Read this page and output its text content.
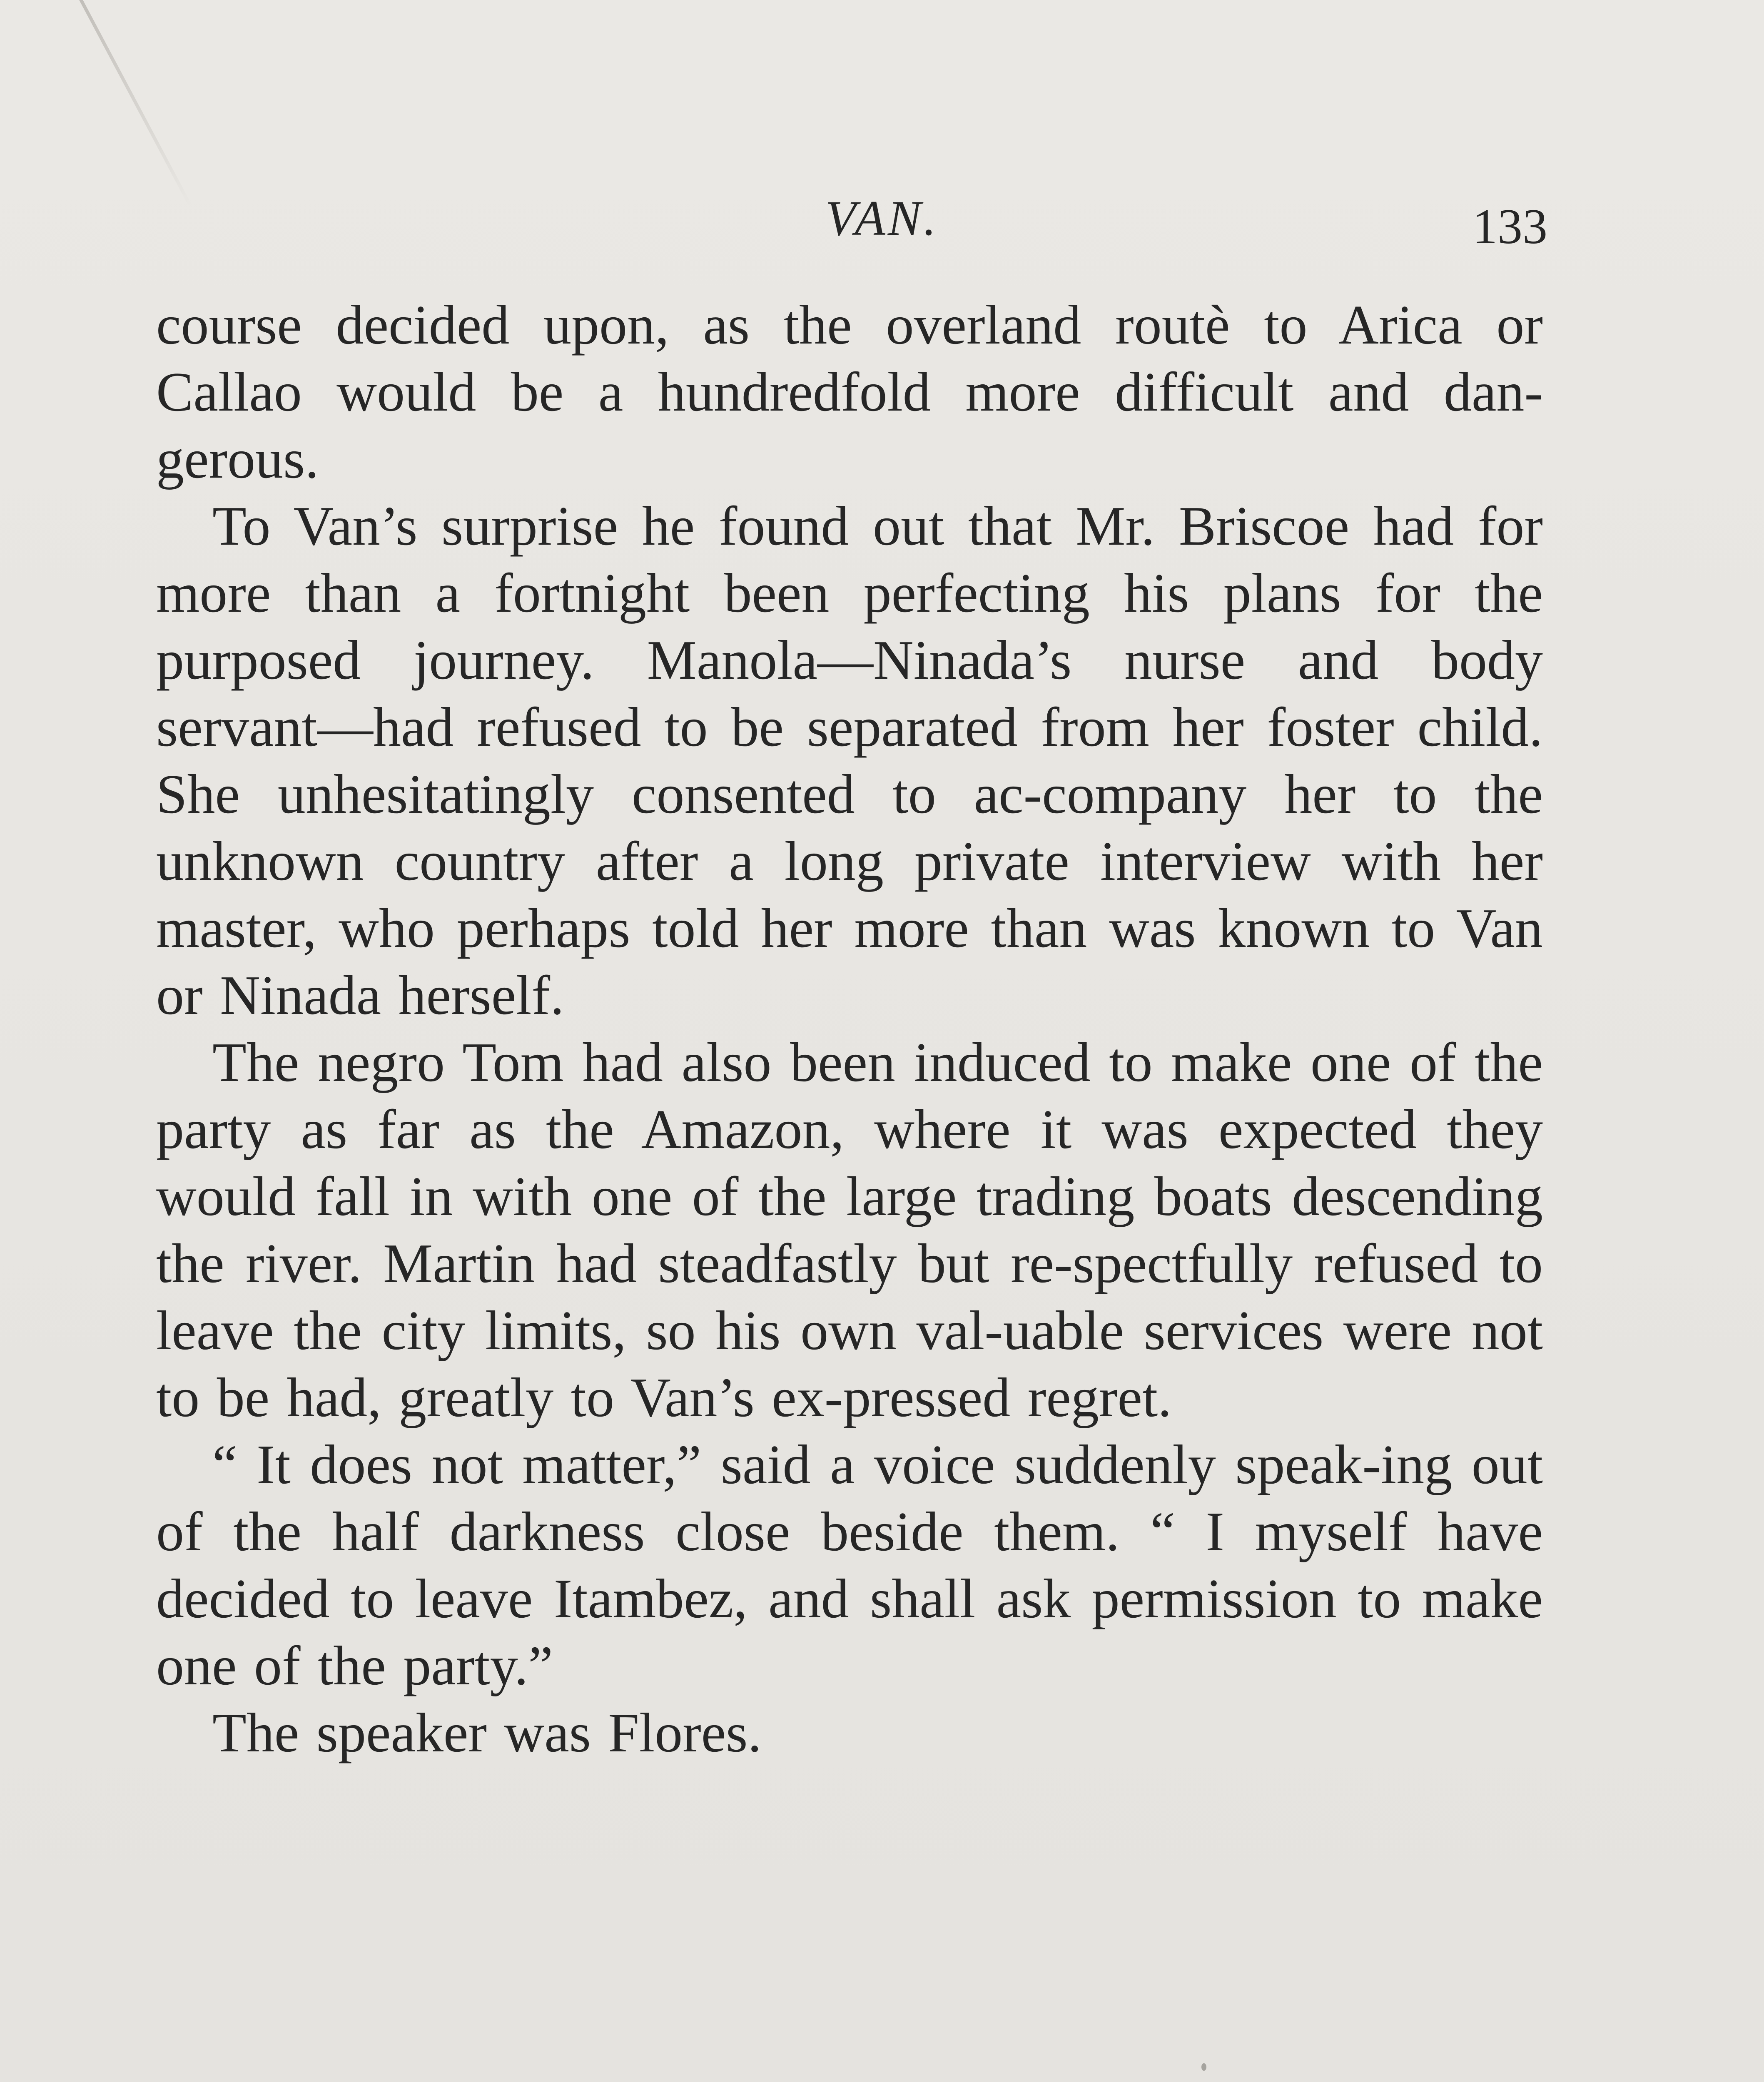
VAN.	133

course decided upon, as the overland routè to Arica or Callao would be a hundredfold more difficult and dan-gerous.

To Van’s surprise he found out that Mr. Briscoe had for more than a fortnight been perfecting his plans for the purposed journey. Manola—Ninada’s nurse and body servant—had refused to be separated from her foster child. She unhesitatingly consented to ac-company her to the unknown country after a long private interview with her master, who perhaps told her more than was known to Van or Ninada herself.

The negro Tom had also been induced to make one of the party as far as the Amazon, where it was expected they would fall in with one of the large trading boats descending the river. Martin had steadfastly but re-spectfully refused to leave the city limits, so his own val-uable services were not to be had, greatly to Van’s ex-pressed regret.

“ It does not matter,” said a voice suddenly speak-ing out of the half darkness close beside them. “ I myself have decided to leave Itambez, and shall ask permission to make one of the party.”

The speaker was Flores.
